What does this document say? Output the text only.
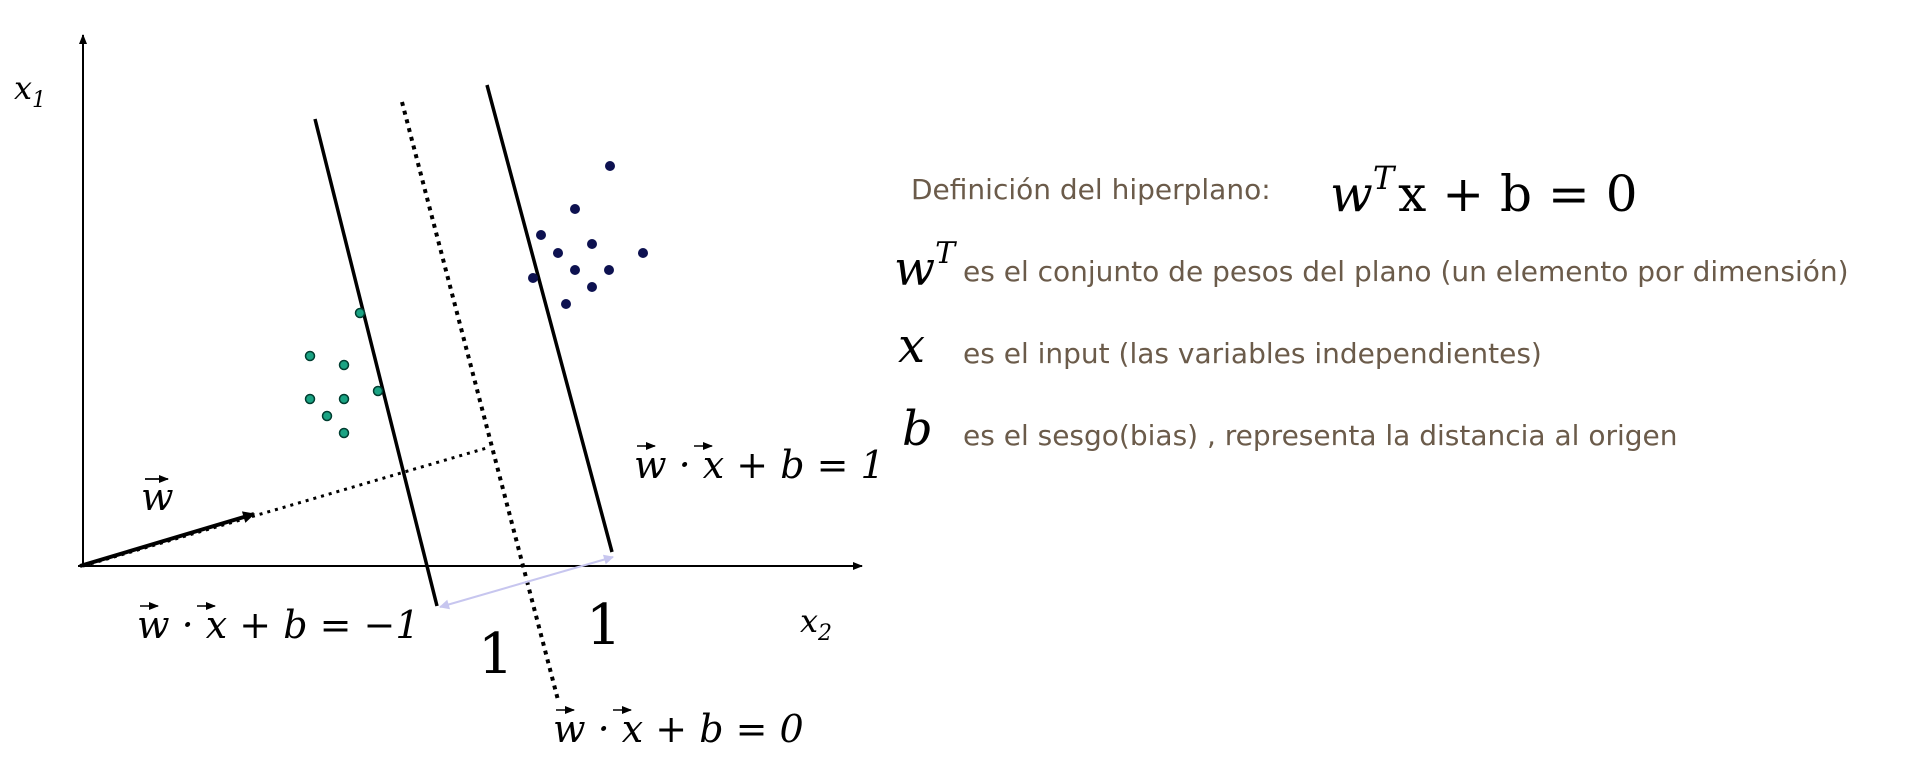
$x_1$
$x_2$
w
1 1
w · x + b = 1
w · x + b = −1
w · x + b = 0
Definición del hiperplano: $w^Tx + b = 0$
$w^T$
es el conjunto de pesos del plano (un elemento por dimensión)
x es el input (las variables independientes)
b es el sesgo(bias) , representa la distancia al origen
